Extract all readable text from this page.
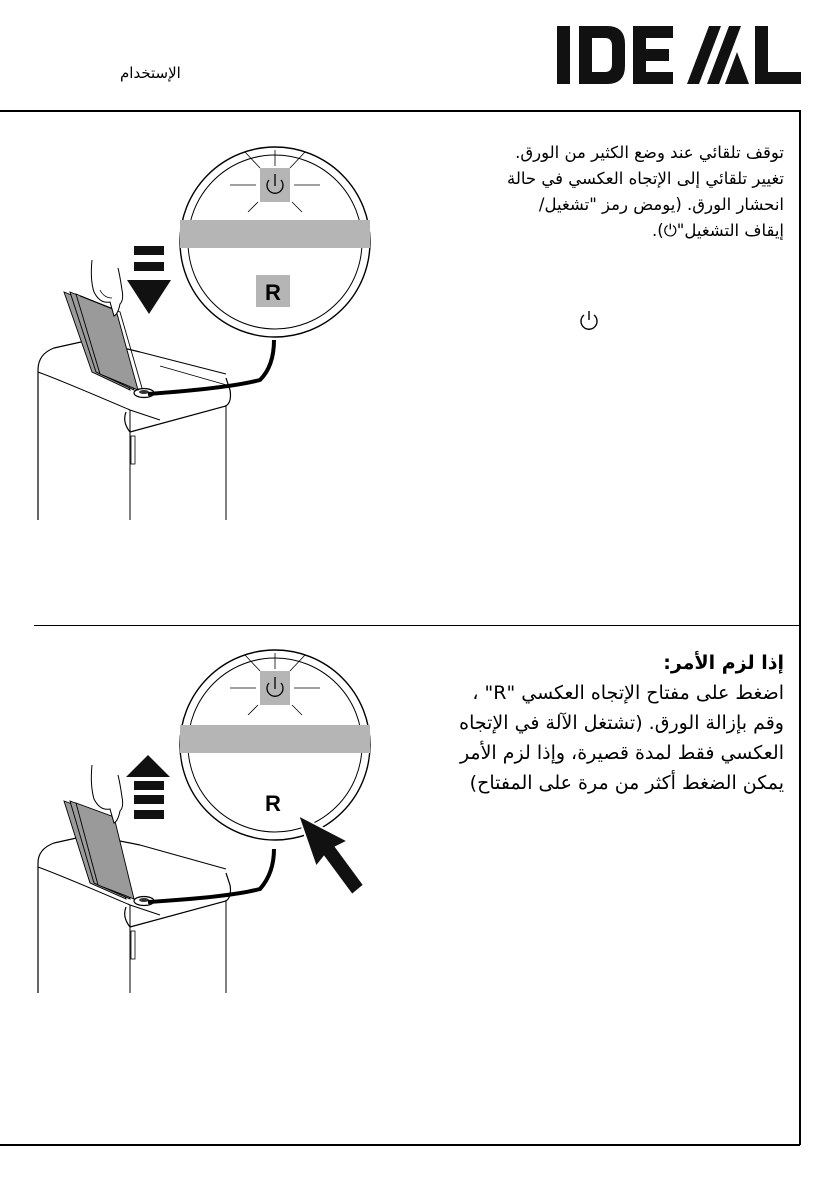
الإستخدام
توقف تلقائي عند وضع الكثير من الورق.
تغيير تلقائي إلى الإتجاه العكسي في حالة
انحشار الورق. (يومض رمز "تشغيل/
إيقاف التشغيل"⏻).
R
إذا لزم الأمر:
اضغط على مفتاح الإتجاه العكسي "R" ،
وقم بإزالة الورق. (تشتغل الآلة في الإتجاه
العكسي فقط لمدة قصيرة، وإذا لزم الأمر
يمكن الضغط أكثر من مرة على المفتاح)
R
